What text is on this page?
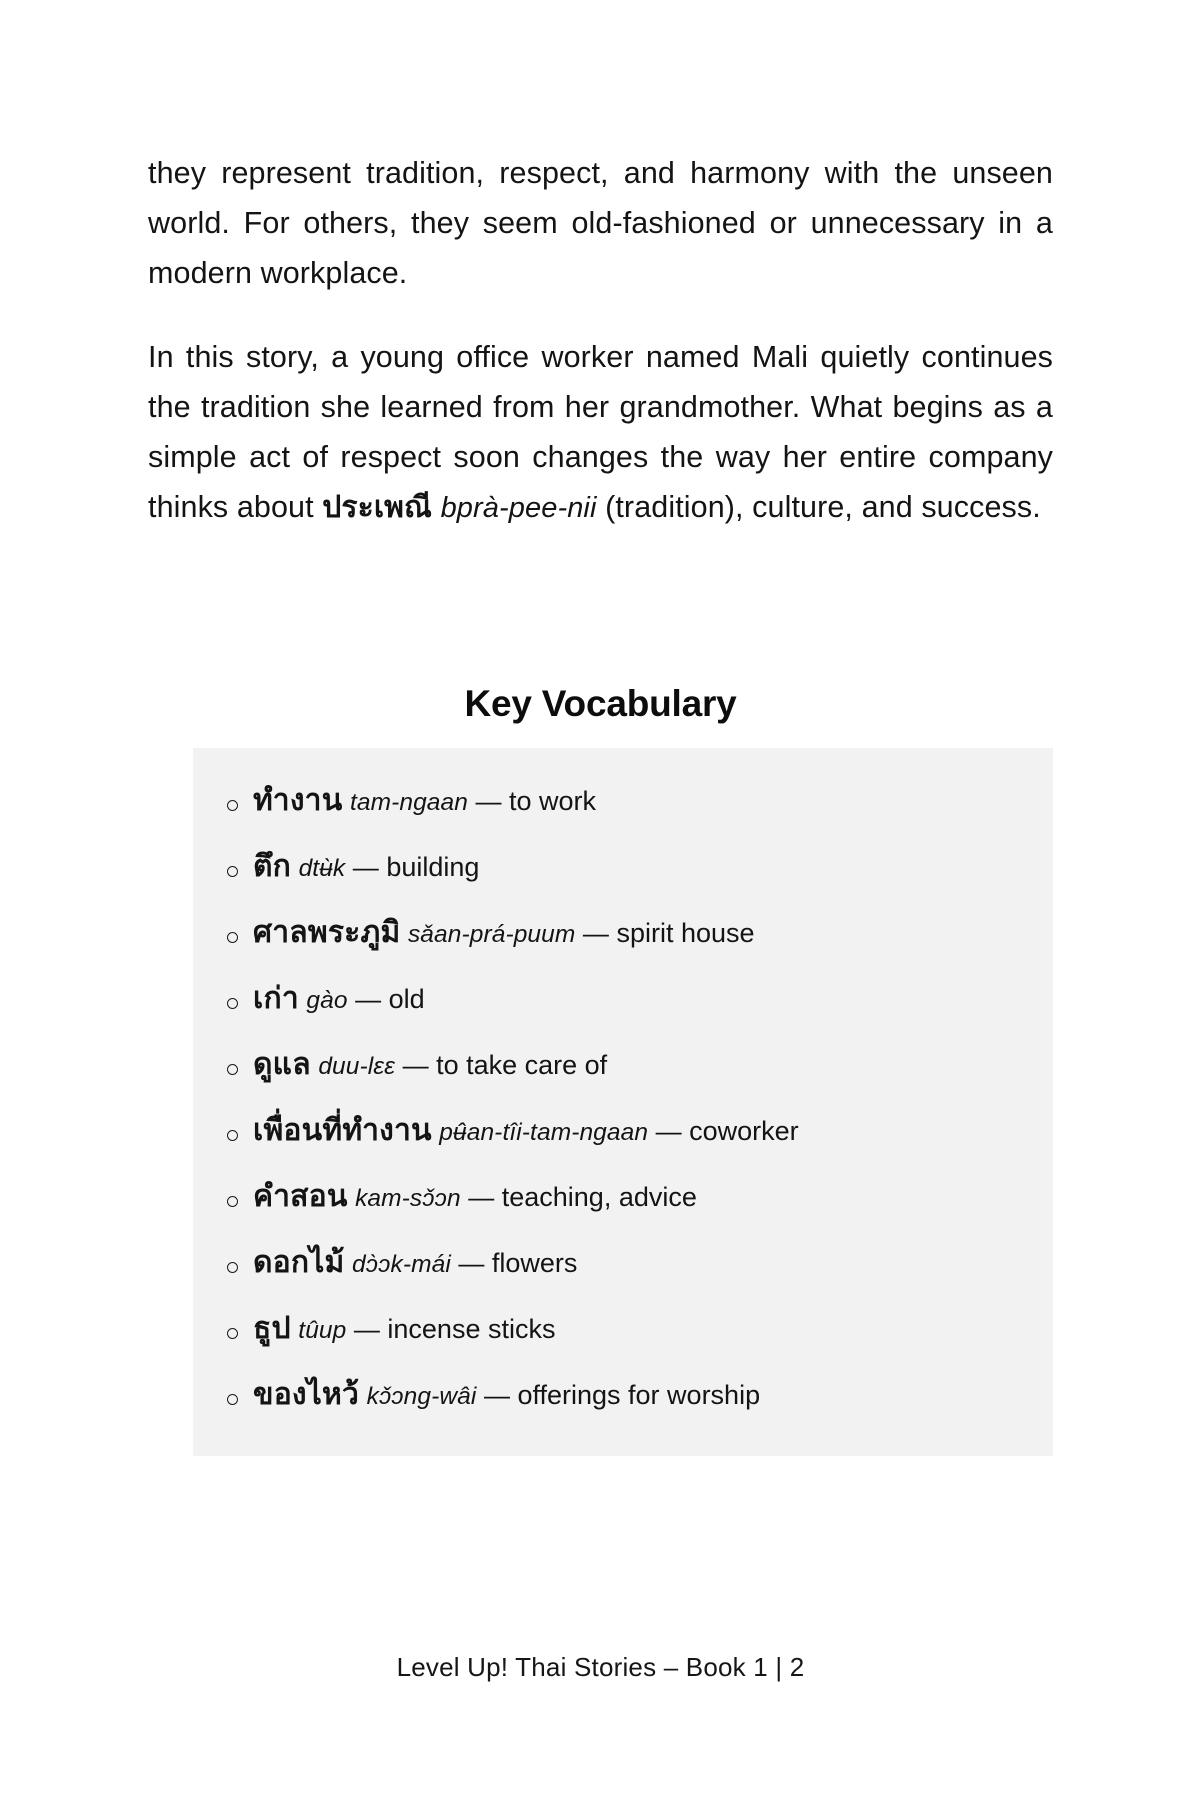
they represent tradition, respect, and harmony with the unseen world. For others, they seem old-fashioned or unnecessary in a modern workplace.

In this story, a young office worker named Mali quietly continues the tradition she learned from her grandmother. What begins as a simple act of respect soon changes the way her entire company thinks about ประเพณี bprà-pee-nii (tradition), culture, and success.

Key Vocabulary
ทำงาน tam-ngaan — to work
ตึก dtʉ̀k — building
ศาลพระภูมิ sǎan-prá-puum — spirit house
เก่า gào — old
ดูแล duu-lɛɛ — to take care of
เพื่อนที่ทำงาน pʉ̂an-tîi-tam-ngaan — coworker
คำสอน kam-sɔ̌ɔn — teaching, advice
ดอกไม้ dɔ̀ɔk-mái — flowers
ธูป tûup — incense sticks
ของไหว้ kɔ̌ɔng-wâi — offerings for worship
Level Up! Thai Stories – Book 1 | 2
